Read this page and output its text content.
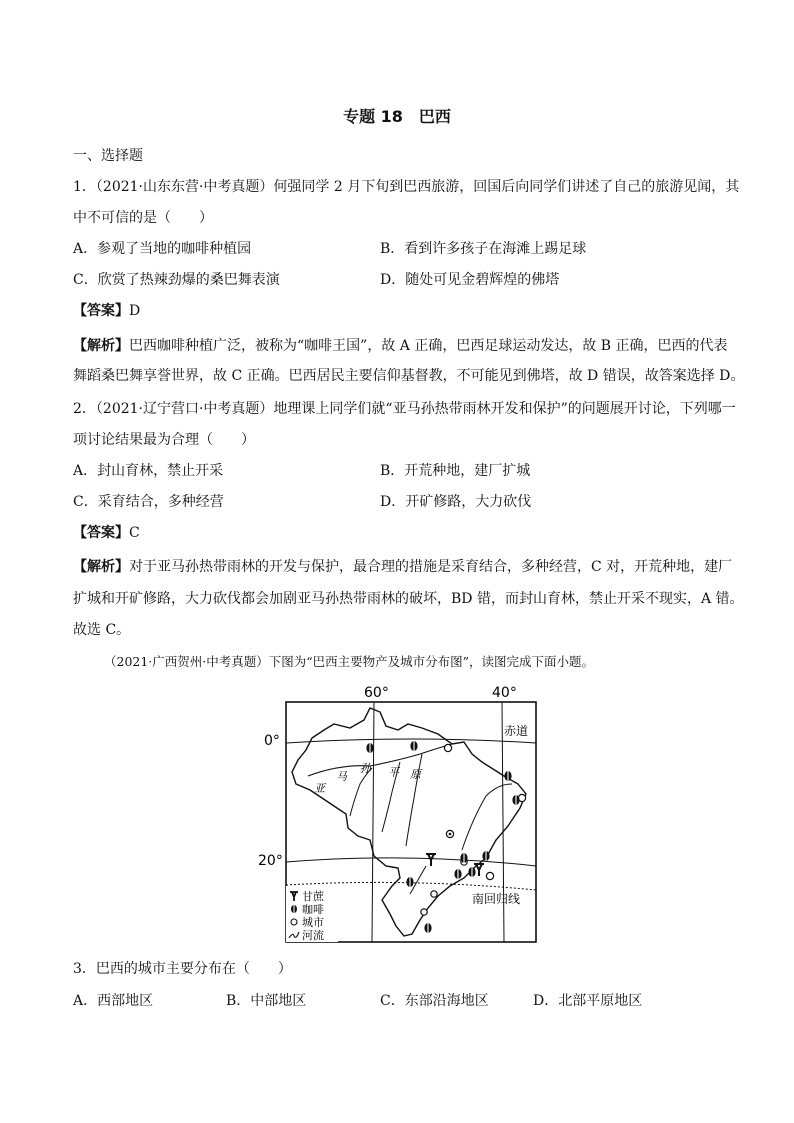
专题 18　巴西
一、选择题
1．（2021·山东东营·中考真题）何强同学 2 月下旬到巴西旅游，回国后向同学们讲述了自己的旅游见闻，其
中不可信的是（　　）
A．参观了当地的咖啡种植园	B．看到许多孩子在海滩上踢足球
C．欣赏了热辣劲爆的桑巴舞表演	D．随处可见金碧辉煌的佛塔
【答案】D
【解析】巴西咖啡种植广泛，被称为“咖啡王国”，故 A 正确，巴西足球运动发达，故 B 正确，巴西的代表
舞蹈桑巴舞享誉世界，故 C 正确。巴西居民主要信仰基督教，不可能见到佛塔，故 D 错误，故答案选择 D。
2．（2021·辽宁营口·中考真题）地理课上同学们就“亚马孙热带雨林开发和保护”的问题展开讨论，下列哪一
项讨论结果最为合理（　　）
A．封山育林，禁止开采	B．开荒种地，建厂扩城
C．采育结合，多种经营	D．开矿修路，大力砍伐
【答案】C
【解析】对于亚马孙热带雨林的开发与保护，最合理的措施是采育结合，多种经营，C 对，开荒种地，建厂
扩城和开矿修路，大力砍伐都会加剧亚马孙热带雨林的破坏，BD 错，而封山育林，禁止开采不现实，A 错。
故选 C。
（2021·广西贺州·中考真题）下图为“巴西主要物产及城市分布图”，读图完成下面小题。
60°	40°
0°
20°
亚
马
孙 平 原
赤道
南回归线
甘蔗
咖啡
城市
河流
3．巴西的城市主要分布在（　　）
A．西部地区	B．中部地区	C．东部沿海地区	D．北部平原地区
